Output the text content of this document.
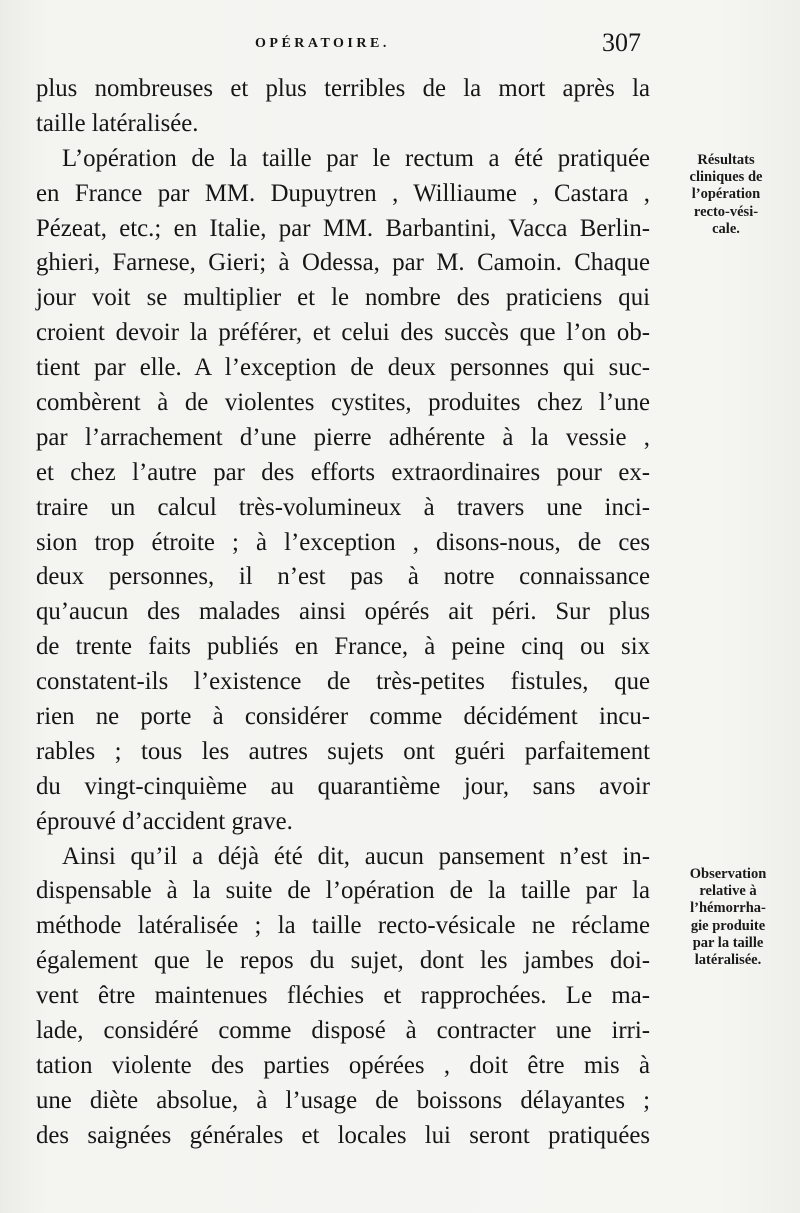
OPÉRATOIRE.	307
plus nombreuses et plus terribles de la mort après la
taille latéralisée.
L’opération de la taille par le rectum a été pratiquée
en France par MM. Dupuytren , Williaume , Castara ,
Pézeat, etc.; en Italie, par MM. Barbantini, Vacca Berlin-
ghieri, Farnese, Gieri; à Odessa, par M. Camoin. Chaque
jour voit se multiplier et le nombre des praticiens qui
croient devoir la préférer, et celui des succès que l’on ob-
tient par elle. A l’exception de deux personnes qui suc-
combèrent à de violentes cystites, produites chez l’une
par l’arrachement d’une pierre adhérente à la vessie ,
et chez l’autre par des efforts extraordinaires pour ex-
traire un calcul très-volumineux à travers une inci-
sion trop étroite ; à l’exception , disons-nous, de ces
deux personnes, il n’est pas à notre connaissance
qu’aucun des malades ainsi opérés ait péri. Sur plus
de trente faits publiés en France, à peine cinq ou six
constatent-ils l’existence de très-petites fistules, que
rien ne porte à considérer comme décidément incu-
rables ; tous les autres sujets ont guéri parfaitement
du vingt-cinquième au quarantième jour, sans avoir
éprouvé d’accident grave.
Ainsi qu’il a déjà été dit, aucun pansement n’est in-
dispensable à la suite de l’opération de la taille par la
méthode latéralisée ; la taille recto-vésicale ne réclame
également que le repos du sujet, dont les jambes doi-
vent être maintenues fléchies et rapprochées. Le ma-
lade, considéré comme disposé à contracter une irri-
tation violente des parties opérées , doit être mis à
une diète absolue, à l’usage de boissons délayantes ;
des saignées générales et locales lui seront pratiquées
Résultats
cliniques de
l’opération
recto-vési-
cale.
Observation
relative à
l’hémorrha-
gie produite
par la taille
latéralisée.
